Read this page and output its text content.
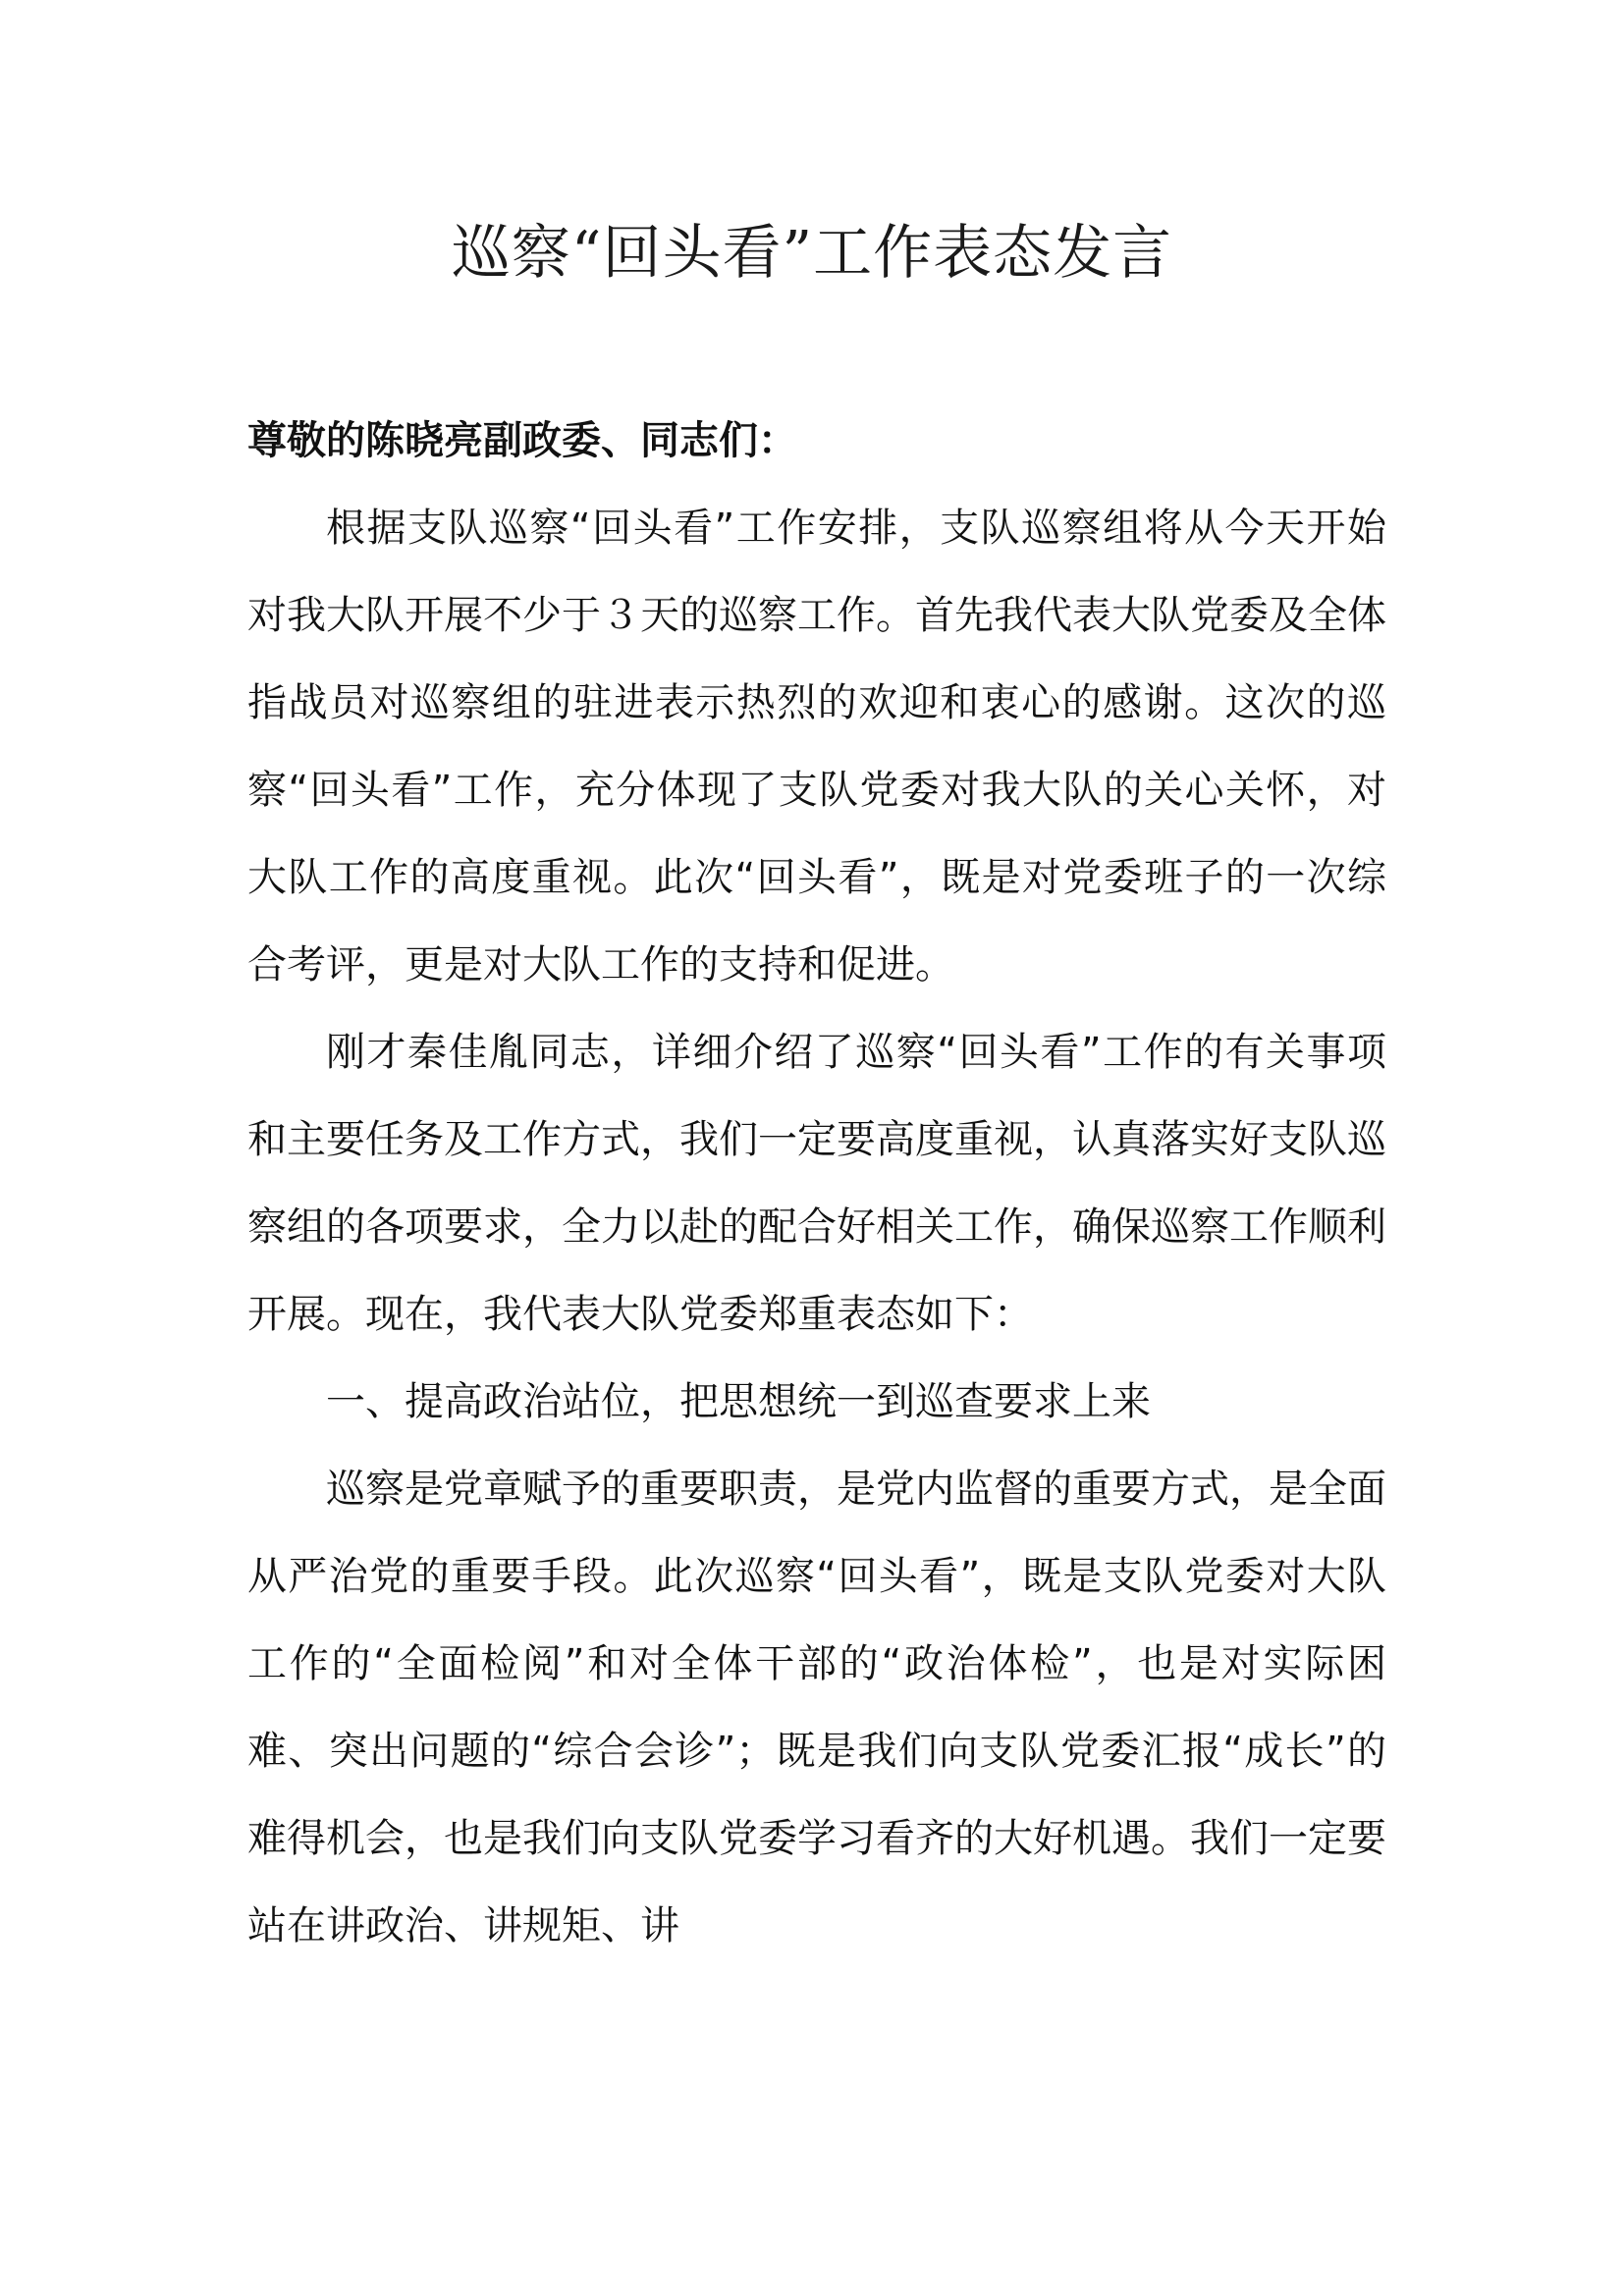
巡察“回头看”工作表态发言

尊敬的陈晓亮副政委、同志们：

根据支队巡察“回头看”工作安排，支队巡察组将从今天开始对我大队开展不少于３天的巡察工作。首先我代表大队党委及全体指战员对巡察组的驻进表示热烈的欢迎和衷心的感谢。这次的巡察“回头看”工作，充分体现了支队党委对我大队的关心关怀，对大队工作的高度重视。此次“回头看”，既是对党委班子的一次综合考评，更是对大队工作的支持和促进。

刚才秦佳胤同志，详细介绍了巡察“回头看”工作的有关事项和主要任务及工作方式，我们一定要高度重视，认真落实好支队巡察组的各项要求，全力以赴的配合好相关工作，确保巡察工作顺利开展。现在，我代表大队党委郑重表态如下：

一、提高政治站位，把思想统一到巡查要求上来

巡察是党章赋予的重要职责，是党内监督的重要方式，是全面从严治党的重要手段。此次巡察“回头看”，既是支队党委对大队工作的“全面检阅”和对全体干部的“政治体检”，也是对实际困难、突出问题的“综合会诊”；既是我们向支队党委汇报“成长”的难得机会，也是我们向支队党委学习看齐的大好机遇。我们一定要站在讲政治、讲规矩、讲
